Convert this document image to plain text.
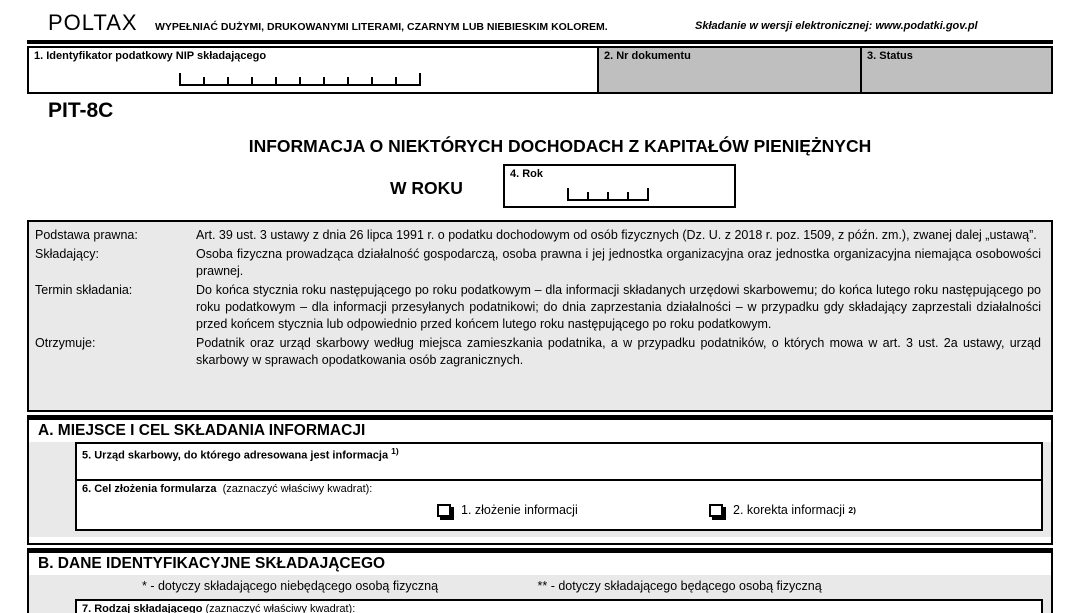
POLTAX WYPEŁNIAĆ DUŻYMI, DRUKOWANYMI LITERAMI, CZARNYM LUB NIEBIESKIM KOLOREM.	Składanie w wersji elektronicznej: www.podatki.gov.pl
1. Identyfikator podatkowy NIP składającego	2. Nr dokumentu	3. Status
PIT-8C
INFORMACJA O NIEKTÓRYCH DOCHODACH Z KAPITAŁÓW PIENIĘŻNYCH
W ROKU
4. Rok
Podstawa prawna:	Art. 39 ust. 3 ustawy z dnia 26 lipca 1991 r. o podatku dochodowym od osób fizycznych (Dz. U. z 2018 r. poz. 1509, z późn. zm.), zwanej dalej „ustawą”.
Składający:	Osoba fizyczna prowadząca działalność gospodarczą, osoba prawna i jej jednostka organizacyjna oraz jednostka organizacyjna niemająca osobowości prawnej.
Termin składania:	Do końca stycznia roku następującego po roku podatkowym – dla informacji składanych urzędowi skarbowemu; do końca lutego roku następującego po roku podatkowym – dla informacji przesyłanych podatnikowi; do dnia zaprzestania działalności – w przypadku gdy składający zaprzestali działalności przed końcem stycznia lub odpowiednio przed końcem lutego roku następującego po roku podatkowym.
Otrzymuje:	Podatnik oraz urząd skarbowy według miejsca zamieszkania podatnika, a w przypadku podatników, o których mowa w art. 3 ust. 2a ustawy, urząd skarbowy w sprawach opodatkowania osób zagranicznych.
A. MIEJSCE I CEL SKŁADANIA INFORMACJI
5. Urząd skarbowy, do którego adresowana jest informacja $^{1)}$
6. Cel złożenia formularza (zaznaczyć właściwy kwadrat):
1. złożenie informacji	2. korekta informacji
2)
B. DANE IDENTYFIKACYJNE SKŁADAJĄCEGO
* - dotyczy składającego niebędącego osobą fizyczną	** - dotyczy składającego będącego osobą fizyczną
7. Rodzaj składającego (zaznaczyć właściwy kwadrat):
